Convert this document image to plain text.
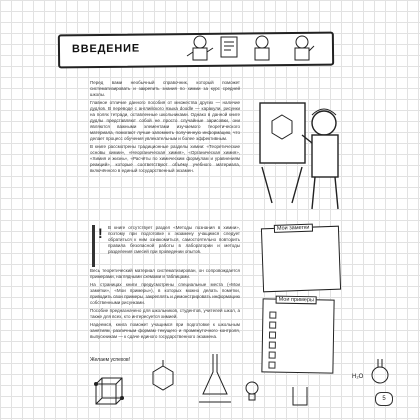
ВВЕДЕНИЕ

Перед вами необычный справочник, который поможет систематизировать и закрепить знания по химии за курс средней школы.

Главное отличие данного пособия от множества других — наличие дудлов. В переводе с английского языка doodle — каракули, рисунки на полях тетради, оставленные школьниками. Однако в данной книге дудлы представляют собой не просто случайные зарисовки, они являются важными элементами изучаемого теоретического материала, помогают лучше запомнить полученную информацию, что делает процесс обучения увлекательным и более эффективным.

В книге рассмотрены традиционные разделы химии: «Теоретические основы химии», «Неорганическая химия», «Органическая химия», «Химия и жизнь», «Расчёты по химическим формулам и уравнениям реакций», которые соответствуют объёму учебного материала, включённого в единый государственный экзамен.

! В книге отсутствует раздел «Методы познания в химии», поэтому при подготовке к экзамену учащимся следует обратиться к ним ознакомиться, самостоятельно повторить правила безопасной работы в лаборатории и методы разделения смесей при проведении опытов.

Весь теоретический материал систематизирован, он сопровождается примерами, наглядными схемами и таблицами.

На страницах книги предусмотрены специальные места («Мои заметки», «Мои примеры»), в которых можно делать пометки, приводить свои примеры, закреплять и демонстрировать информацию собственными рисунками.

Пособие предназначено для школьников, студентов, учителей школ, а также для всех, кто интересуется химией.

Надеемся, книга поможет учащимся при подготовке к школьным занятиям, различным формам текущего и промежуточного контроля, выпускникам — к сдаче единого государственного экзамена.

Желаем успехов!
Мои заметки
Мои примеры
H₂O
5
